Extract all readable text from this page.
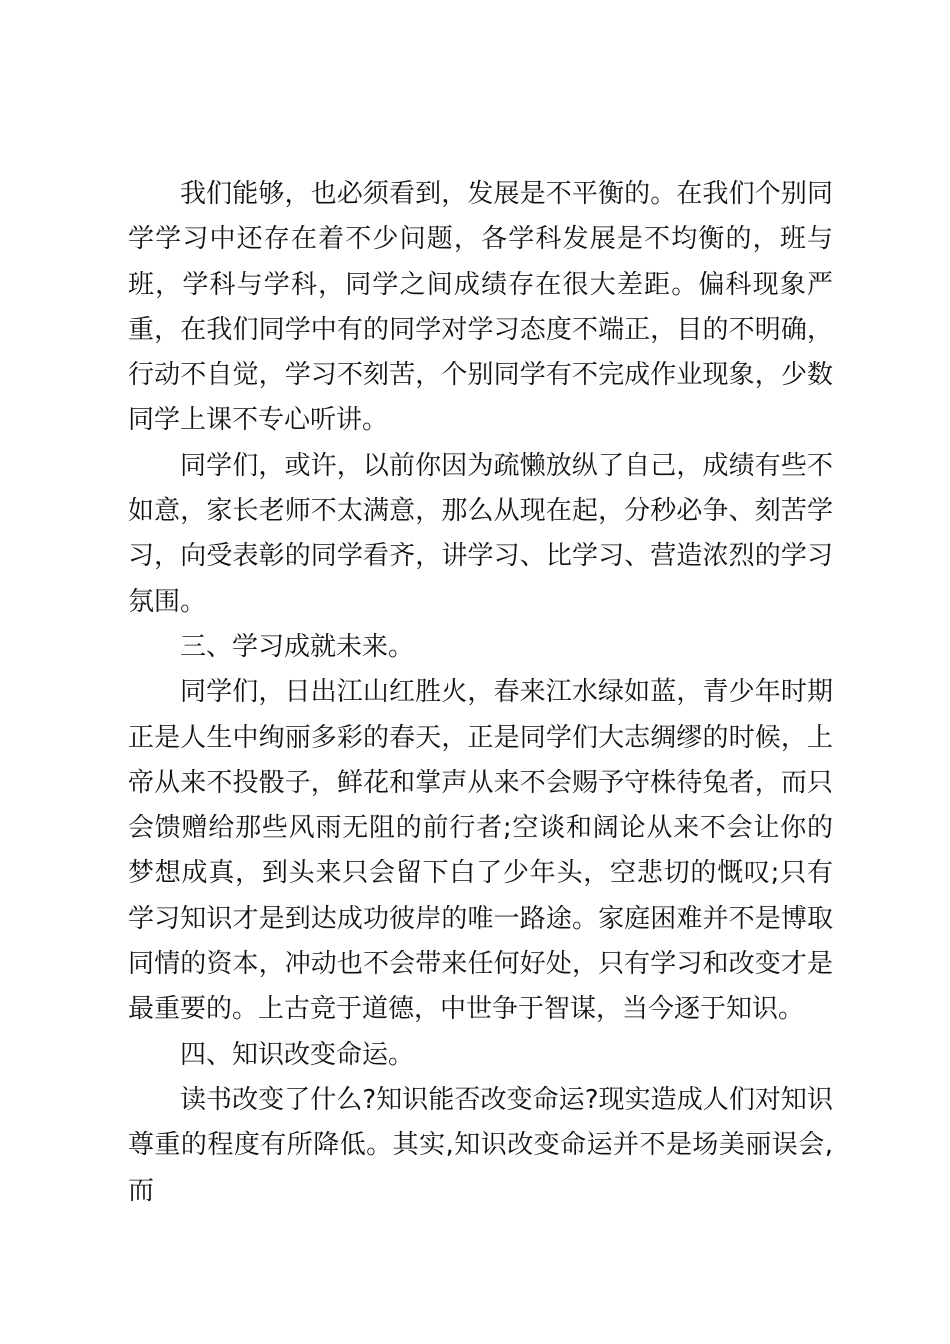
我们能够，也必须看到，发展是不平衡的。在我们个别同学学习中还存在着不少问题，各学科发展是不均衡的，班与班，学科与学科，同学之间成绩存在很大差距。偏科现象严重，在我们同学中有的同学对学习态度不端正，目的不明确，行动不自觉，学习不刻苦，个别同学有不完成作业现象，少数同学上课不专心听讲。

同学们，或许，以前你因为疏懒放纵了自己，成绩有些不如意，家长老师不太满意，那么从现在起，分秒必争、刻苦学习，向受表彰的同学看齐，讲学习、比学习、营造浓烈的学习氛围。

三、学习成就未来。

同学们，日出江山红胜火，春来江水绿如蓝，青少年时期正是人生中绚丽多彩的春天，正是同学们大志绸缪的时候，上帝从来不投骰子，鲜花和掌声从来不会赐予守株待兔者，而只会馈赠给那些风雨无阻的前行者;空谈和阔论从来不会让你的梦想成真，到头来只会留下白了少年头，空悲切的慨叹;只有学习知识才是到达成功彼岸的唯一路途。家庭困难并不是博取同情的资本，冲动也不会带来任何好处，只有学习和改变才是最重要的。上古竞于道德，中世争于智谋，当今逐于知识。

四、知识改变命运。

读书改变了什么?知识能否改变命运?现实造成人们对知识尊重的程度有所降低。其实,知识改变命运并不是场美丽误会,而
